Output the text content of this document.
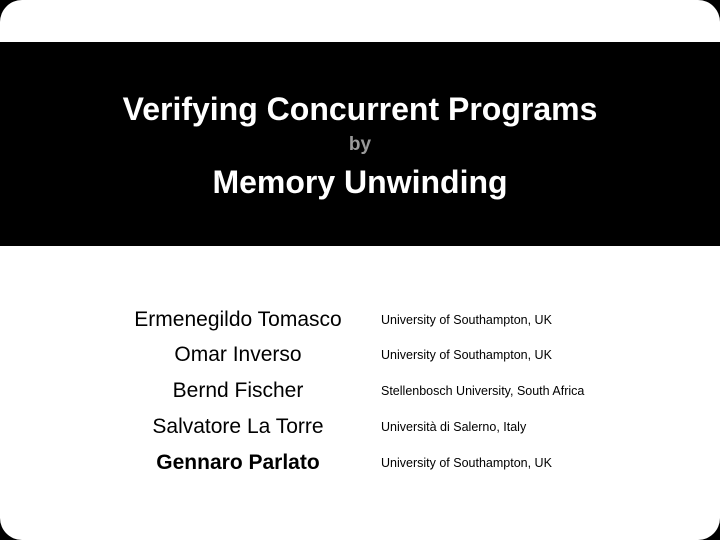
Verifying Concurrent Programs
by
Memory Unwinding
Ermenegildo Tomasco	University of Southampton, UK
Omar Inverso	University of Southampton, UK
Bernd Fischer	Stellenbosch University, South Africa
Salvatore La Torre	Università di Salerno, Italy
Gennaro Parlato	University of Southampton, UK
